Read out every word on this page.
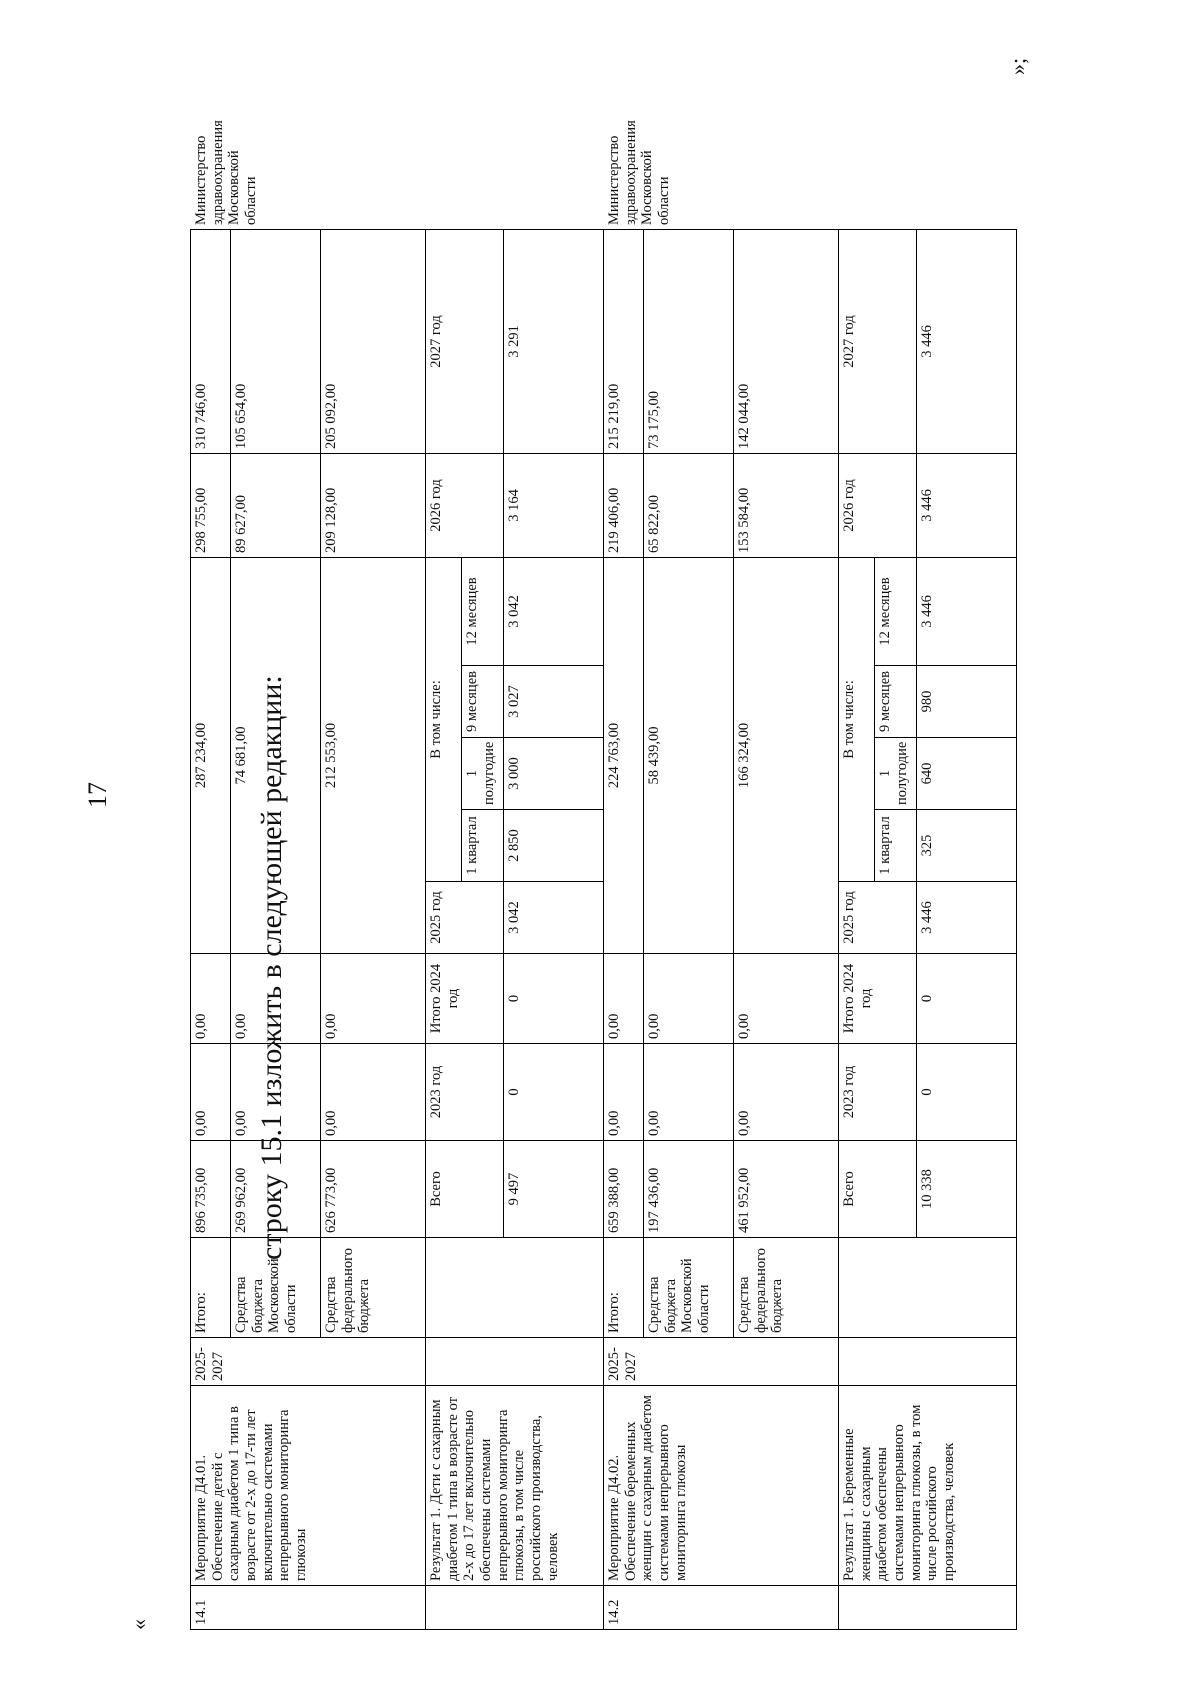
17
«	14.1	Мероприятие Д4.01. Обеспечение детей с сахарным диабетом 1 типа в возрасте от 2-х до 17-ти лет включительно системами непрерывного мониторинга глюкозы	2025-2027	Итого:	896 735,00	0,00	0,00	287 234,00					298 755,00	310 746,00	Министерство здравоохранения Московской области
			Средства бюджета Московской области	269 962,00	0,00	0,00	74 681,00					89 627,00	105 654,00	
			Средства федерального бюджета	626 773,00	0,00	0,00	212 553,00					209 128,00	205 092,00	
	Результат 1. Дети с сахарным диабетом 1 типа в возрасте от 2-х до 17 лет включительно обеспечены системами непрерывного мониторинга глюкозы, в том числе российского производства, человек			Всего	2023 год	Итого 2024 год	2025 год	В том числе:				2026 год	2027 год	
								1 квартал	1 полугодие	9 месяцев	12 месяцев			
				9 497	0	0	3 042	2 850	3 000	3 027	3 042	3 164	3 291	
14.2	Мероприятие Д4.02. Обеспечение беременных женщин с сахарным диабетом системами непрерывного мониторинга глюкозы	2025-2027	Итого:	659 388,00	0,00	0,00	224 763,00					219 406,00	215 219,00	Министерство здравоохранения Московской области
			Средства бюджета Московской области	197 436,00	0,00	0,00	58 439,00					65 822,00	73 175,00	
			Средства федерального бюджета	461 952,00	0,00	0,00	166 324,00					153 584,00	142 044,00	
	Результат 1. Беременные женщины с сахарным диабетом обеспечены системами непрерывного мониторинга глюкозы, в том числе российского производства, человек			Всего	2023 год	Итого 2024 год	2025 год	В том числе:				2026 год	2027 год	
								1 квартал	1 полугодие	9 месяцев	12 месяцев			
				10 338	0	0	3 446	325	640	980	3 446	3 446	3 446	
»;
строку 15.1 изложить в следующей редакции:
